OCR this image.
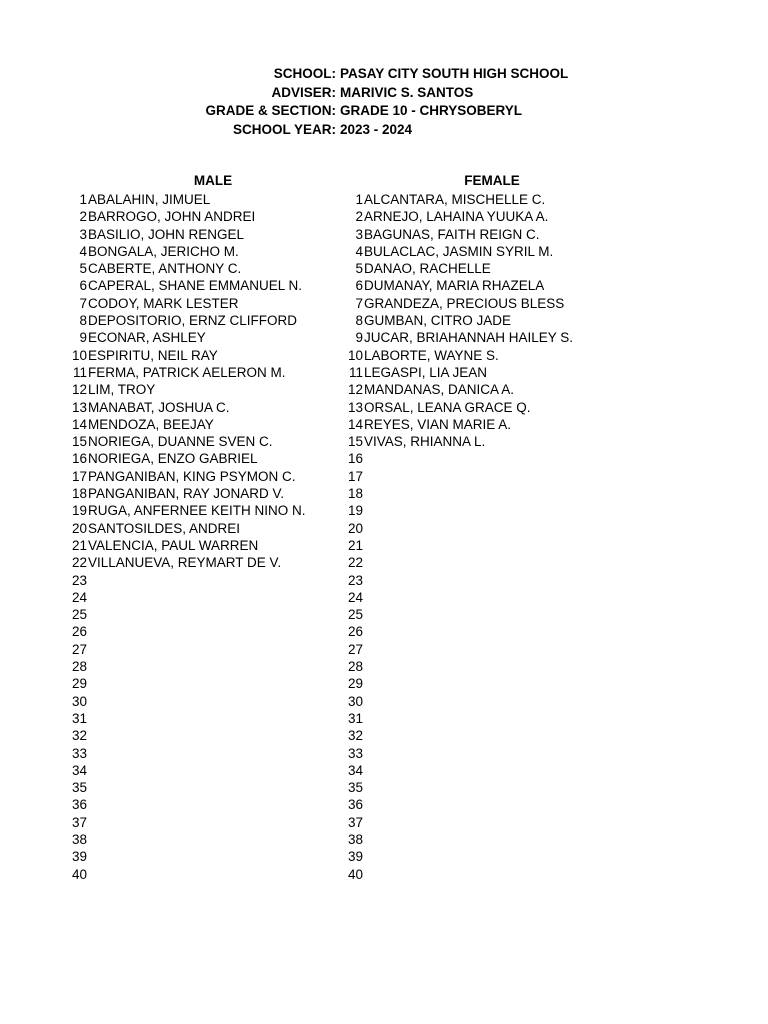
SCHOOL: PASAY CITY SOUTH HIGH SCHOOL
ADVISER: MARIVIC S. SANTOS
GRADE & SECTION: GRADE 10 - CHRYSOBERYL
SCHOOL YEAR: 2023 - 2024
MALE	FEMALE
1 ABALAHIN, JIMUEL
2 BARROGO, JOHN ANDREI
3 BASILIO, JOHN RENGEL
4 BONGALA, JERICHO M.
5 CABERTE, ANTHONY C.
6 CAPERAL, SHANE EMMANUEL N.
7 CODOY, MARK LESTER
8 DEPOSITORIO, ERNZ CLIFFORD
9 ECONAR, ASHLEY
10 ESPIRITU, NEIL RAY
11 FERMA, PATRICK AELERON M.
12 LIM, TROY
13 MANABAT, JOSHUA C.
14 MENDOZA, BEEJAY
15 NORIEGA, DUANNE SVEN C.
16 NORIEGA, ENZO GABRIEL
17 PANGANIBAN, KING PSYMON C.
18 PANGANIBAN, RAY JONARD V.
19 RUGA, ANFERNEE KEITH NINO N.
20 SANTOSILDES, ANDREI
21 VALENCIA, PAUL WARREN
22 VILLANUEVA, REYMART DE V.
23
24
25
26
27
28
29
30
31
32
33
34
35
36
37
38
39
40
1 ALCANTARA, MISCHELLE C.
2 ARNEJO, LAHAINA YUUKA A.
3 BAGUNAS, FAITH REIGN C.
4 BULACLAC, JASMIN SYRIL M.
5 DANAO, RACHELLE
6 DUMANAY, MARIA RHAZELA
7 GRANDEZA, PRECIOUS BLESS
8 GUMBAN, CITRO JADE
9 JUCAR, BRIAHANNAH HAILEY S.
10 LABORTE, WAYNE S.
11 LEGASPI, LIA JEAN
12 MANDANAS, DANICA A.
13 ORSAL, LEANA GRACE Q.
14 REYES, VIAN MARIE A.
15 VIVAS, RHIANNA L.
16
17
18
19
20
21
22
23
24
25
26
27
28
29
30
31
32
33
34
35
36
37
38
39
40
